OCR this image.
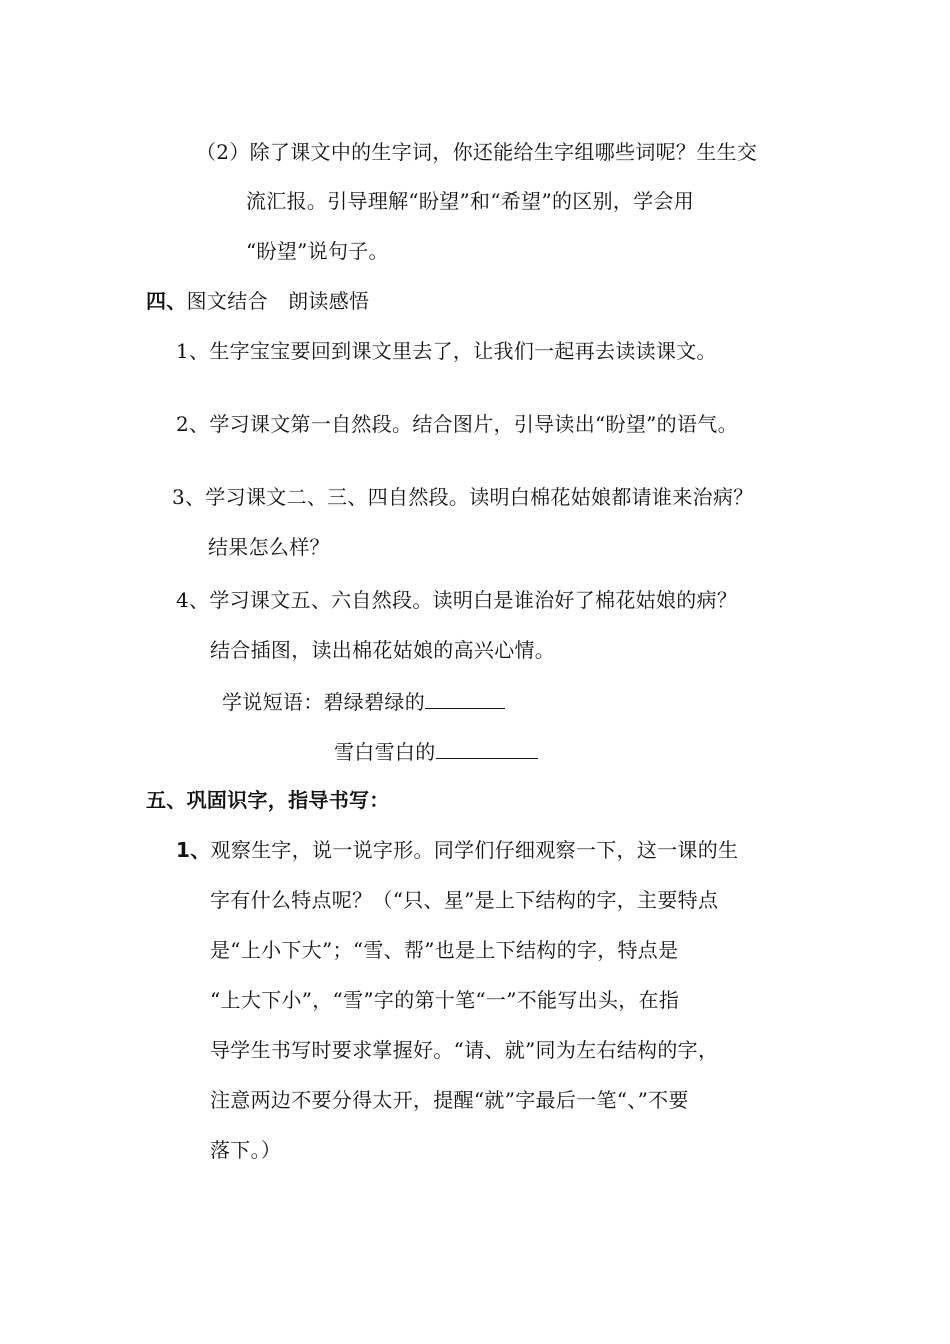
（2）除了课文中的生字词，你还能给生字组哪些词呢？生生交
流汇报。引导理解“盼望”和“希望”的区别，学会用
“盼望”说句子。
四、图文结合　朗读感悟
1、生字宝宝要回到课文里去了，让我们一起再去读读课文。
2、学习课文第一自然段。结合图片，引导读出“盼望”的语气。
3、学习课文二、三、四自然段。读明白棉花姑娘都请谁来治病？
结果怎么样？
4、学习课文五、六自然段。读明白是谁治好了棉花姑娘的病？
结合插图，读出棉花姑娘的高兴心情。
学说短语：碧绿碧绿的
雪白雪白的
五、巩固识字，指导书写：
1、观察生字，说一说字形。同学们仔细观察一下，这一课的生
字有什么特点呢？（“只、星”是上下结构的字，主要特点
是“上小下大”；“雪、帮”也是上下结构的字，特点是
“上大下小”，“雪”字的第十笔“一”不能写出头，在指
导学生书写时要求掌握好。“请、就”同为左右结构的字，
注意两边不要分得太开，提醒“就”字最后一笔“、”不要
落下。）
